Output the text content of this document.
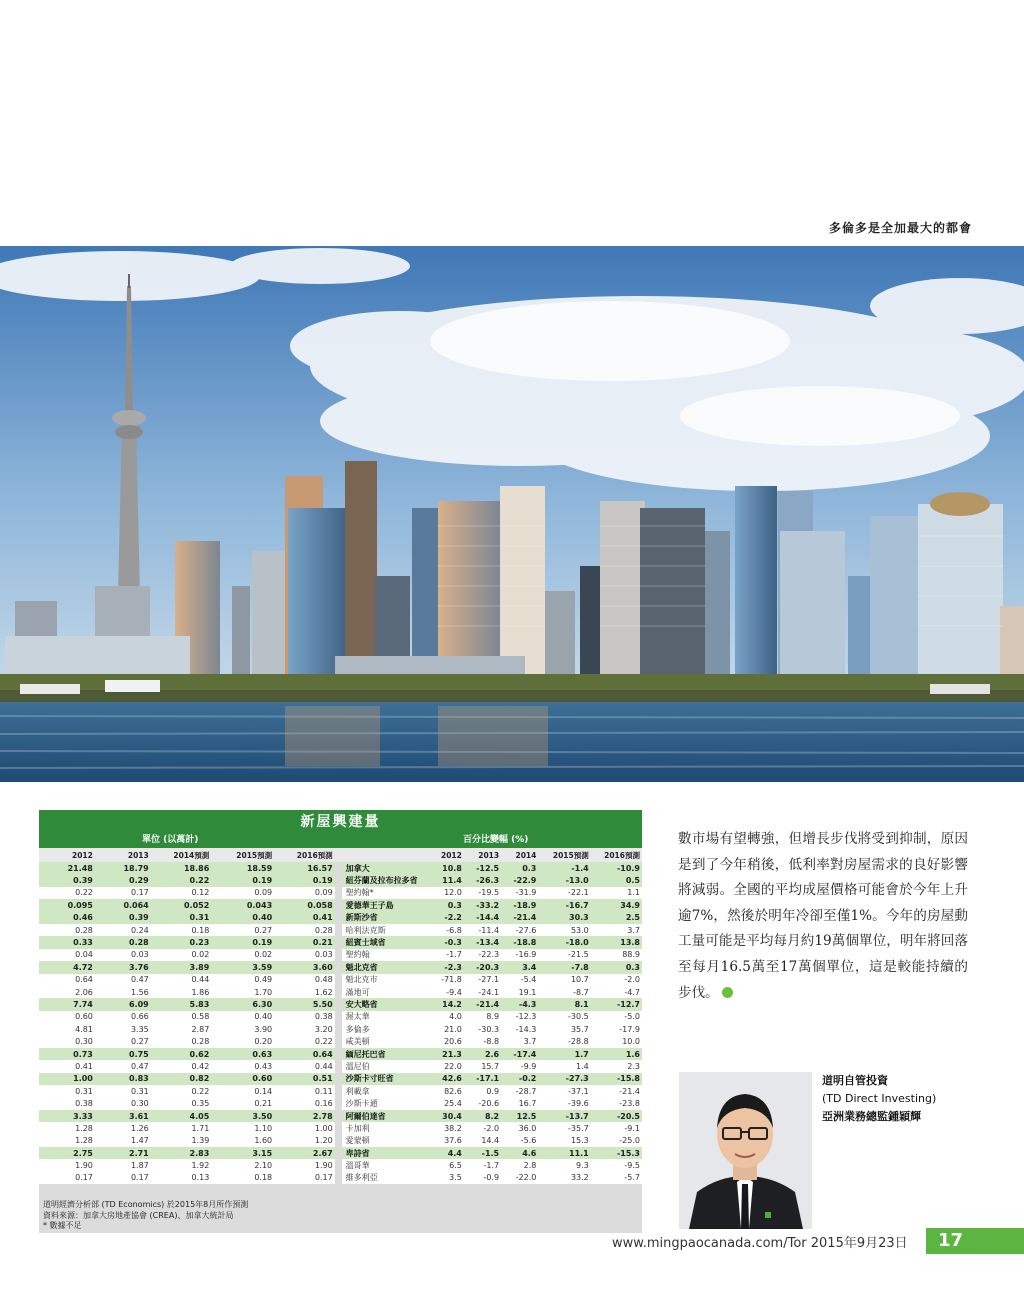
多倫多是全加最大的都會
新屋興建量
單位 (以萬計)	百分比變幅 (%)
2012	2013	2014預測	2015預測	2016預測			2012	2013	2014	2015預測	2016預測
21.48	18.79	18.86	18.59	16.57		加拿大	10.8	-12.5	0.3	-1.4	-10.9
0.39	0.29	0.22	0.19	0.19		紐芬蘭及拉布拉多省	11.4	-26.3	-22.9	-13.0	0.5
0.22	0.17	0.12	0.09	0.09		聖約翰*	12.0	-19.5	-31.9	-22.1	1.1
0.095	0.064	0.052	0.043	0.058		愛德華王子島	0.3	-33.2	-18.9	-16.7	34.9
0.46	0.39	0.31	0.40	0.41		新斯沙省	-2.2	-14.4	-21.4	30.3	2.5
0.28	0.24	0.18	0.27	0.28		哈利法克斯	-6.8	-11.4	-27.6	53.0	3.7
0.33	0.28	0.23	0.19	0.21		紐賓士域省	-0.3	-13.4	-18.8	-18.0	13.8
0.04	0.03	0.02	0.02	0.03		聖約翰	-1.7	-22.3	-16.9	-21.5	88.9
4.72	3.76	3.89	3.59	3.60		魁北克省	-2.3	-20.3	3.4	-7.8	0.3
0.64	0.47	0.44	0.49	0.48		魁北克市	-71.8	-27.1	-5.4	10.7	-2.0
2.06	1.56	1.86	1.70	1.62		滿地可	-9.4	-24.1	19.1	-8.7	-4.7
7.74	6.09	5.83	6.30	5.50		安大略省	14.2	-21.4	-4.3	8.1	-12.7
0.60	0.66	0.58	0.40	0.38		渥太華	4.0	8.9	-12.3	-30.5	-5.0
4.81	3.35	2.87	3.90	3.20		多倫多	21.0	-30.3	-14.3	35.7	-17.9
0.30	0.27	0.28	0.20	0.22		咸美頓	20.6	-8.8	3.7	-28.8	10.0
0.73	0.75	0.62	0.63	0.64		緬尼托巴省	21.3	2.6	-17.4	1.7	1.6
0.41	0.47	0.42	0.43	0.44		溫尼伯	22.0	15.7	-9.9	1.4	2.3
1.00	0.83	0.82	0.60	0.51		沙斯卡寸旺省	42.6	-17.1	-0.2	-27.3	-15.8
0.31	0.31	0.22	0.14	0.11		利載拿	82.6	0.9	-28.7	-37.1	-21.4
0.38	0.30	0.35	0.21	0.16		沙斯卡通	25.4	-20.6	16.7	-39.6	-23.8
3.33	3.61	4.05	3.50	2.78		阿爾伯達省	30.4	8.2	12.5	-13.7	-20.5
1.28	1.26	1.71	1.10	1.00		卡加利	38.2	-2.0	36.0	-35.7	-9.1
1.28	1.47	1.39	1.60	1.20		愛蒙頓	37.6	14.4	-5.6	15.3	-25.0
2.75	2.71	2.83	3.15	2.67		卑詩省	4.4	-1.5	4.6	11.1	-15.3
1.90	1.87	1.92	2.10	1.90		溫哥華	6.5	-1.7	2.8	9.3	-9.5
0.17	0.17	0.13	0.18	0.17		維多利亞	3.5	-0.9	-22.0	33.2	-5.7
道明經濟分析部 (TD Economics) 於2015年8月所作預測
資料來源：加拿大房地產協會 (CREA)、加拿大統計局
* 數據不足
數市場有望轉強，但增長步伐將受到抑制，原因是到了今年稍後，低利率對房屋需求的良好影響將減弱。全國的平均成屋價格可能會於今年上升逾7%，然後於明年冷卻至僅1%。今年的房屋動工量可能是平均每月約19萬個單位，明年將回落至每月16.5萬至17萬個單位，這是較能持續的步伐。
道明自管投資
(TD Direct Investing)
亞洲業務總監鍾穎輝
www.mingpaocanada.com/Tor 2015年9月23日	17
